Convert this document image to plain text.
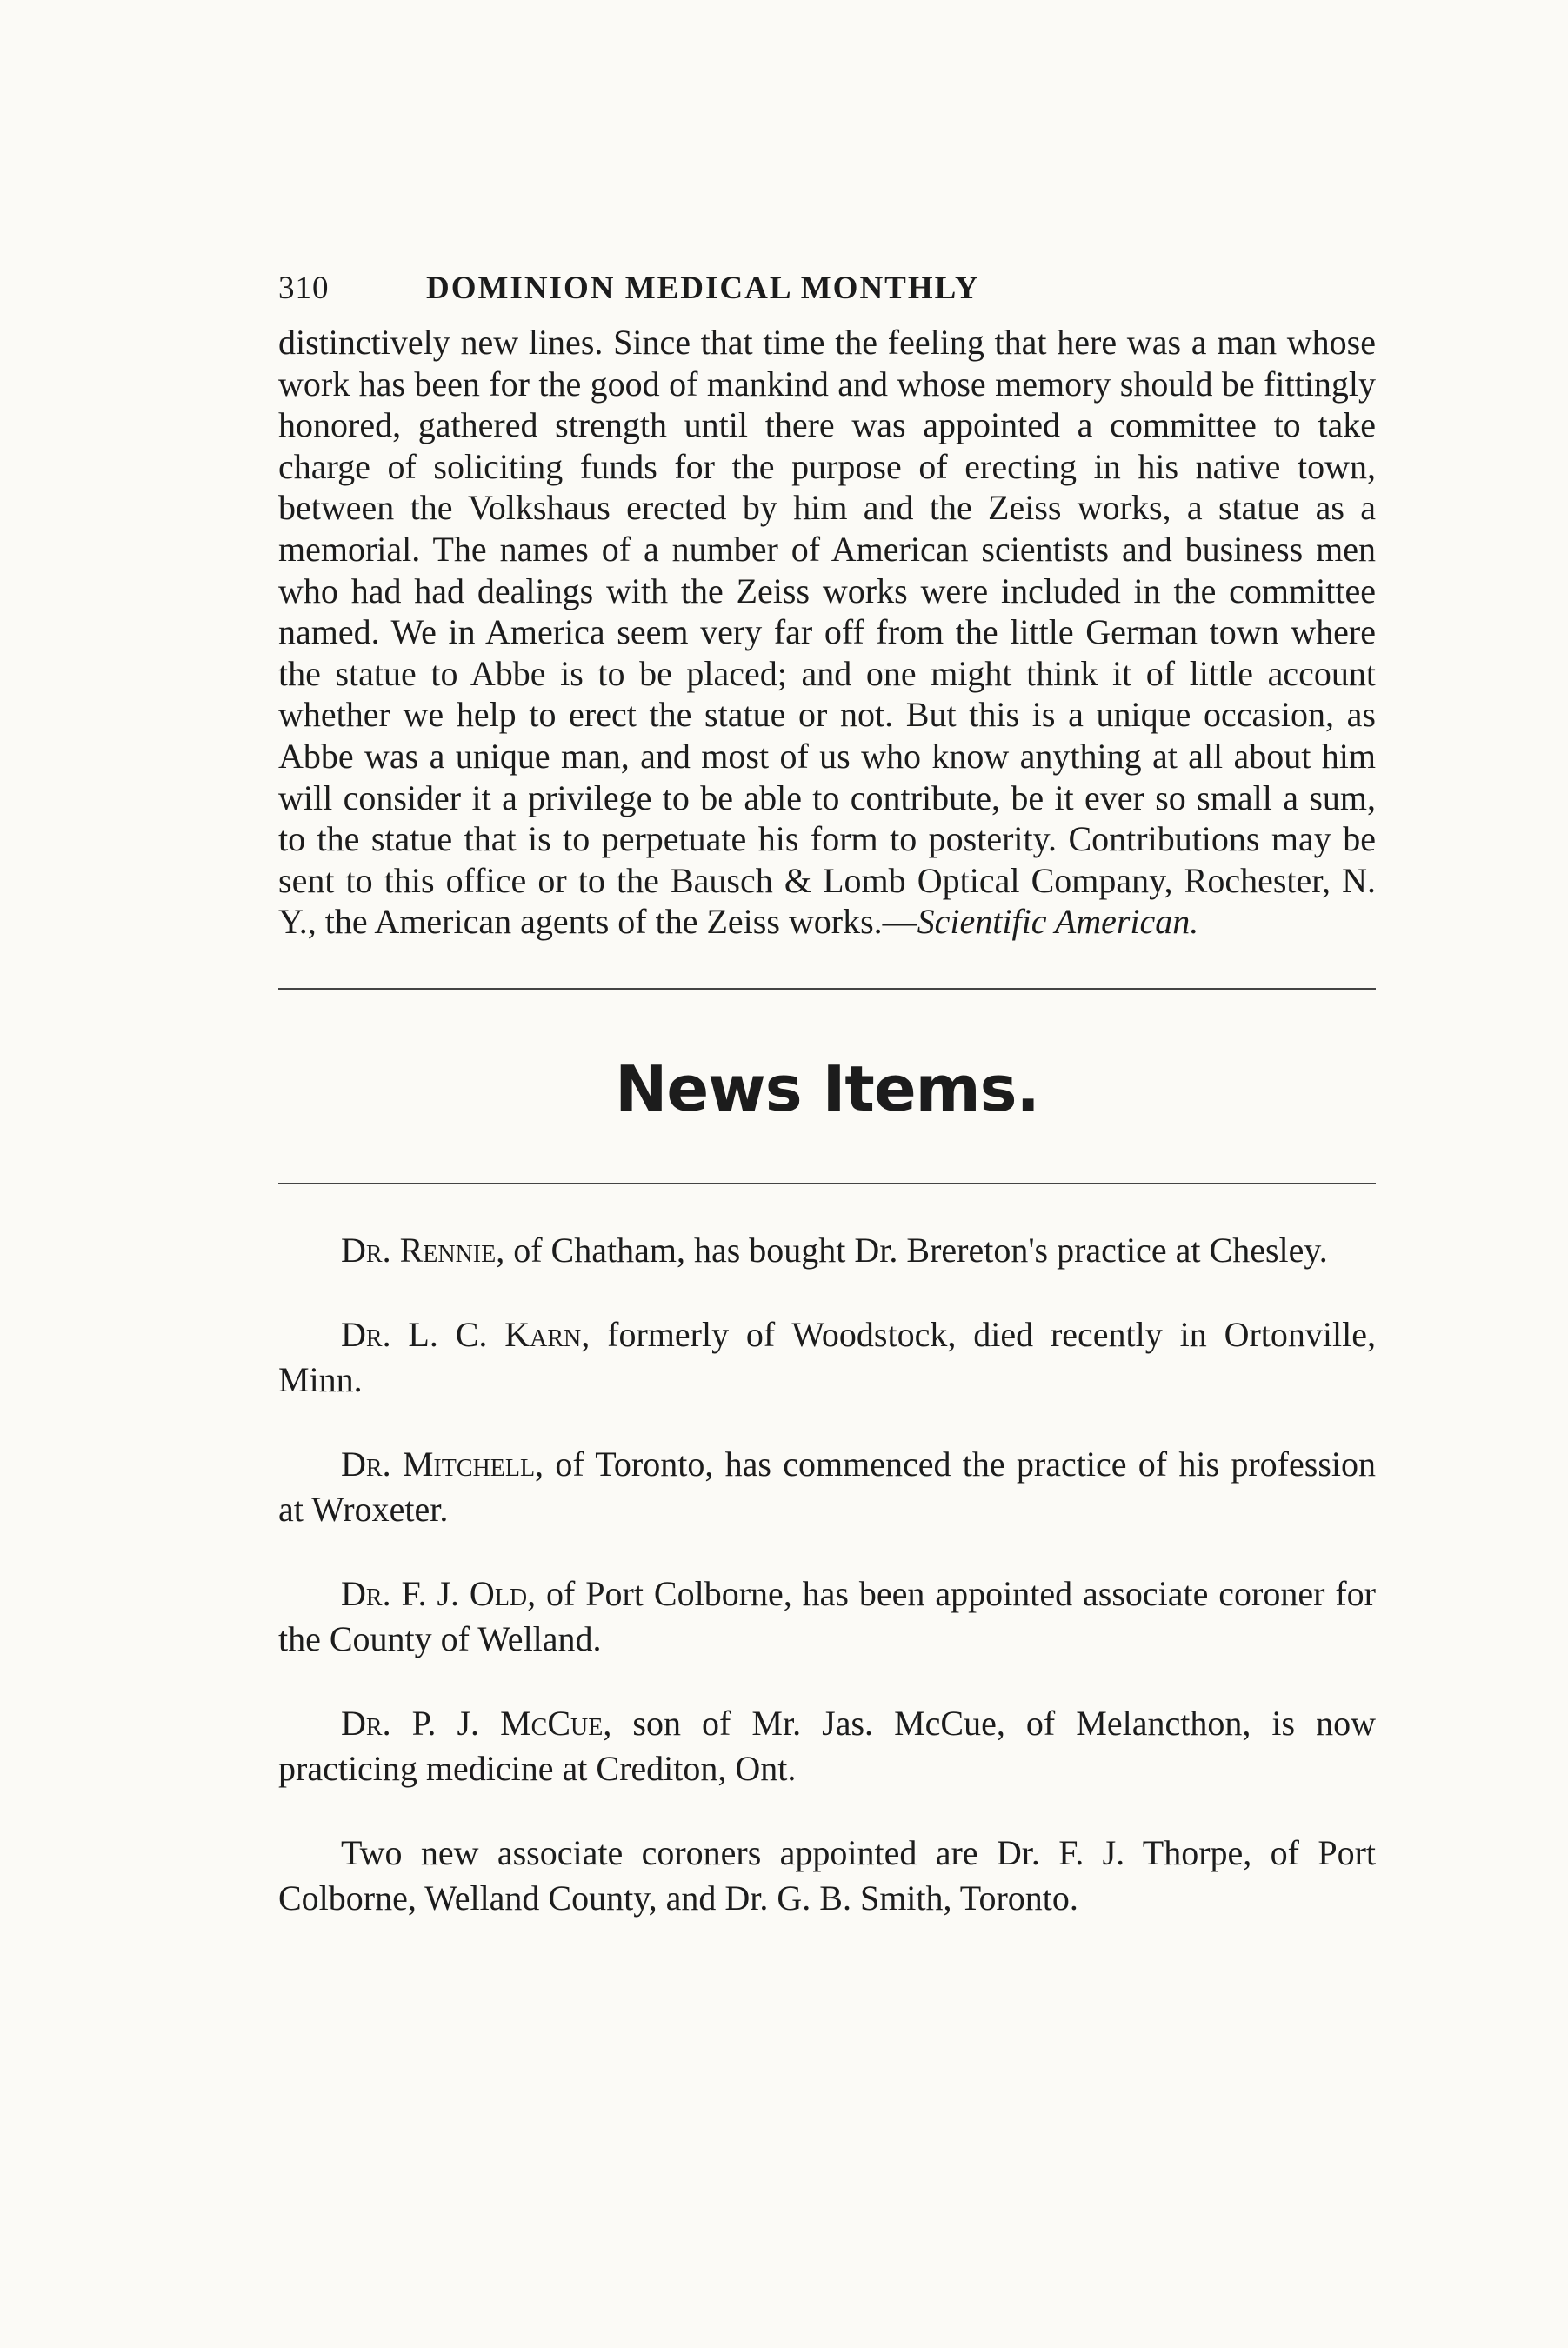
310	DOMINION MEDICAL MONTHLY

distinctively new lines. Since that time the feeling that here was a man whose work has been for the good of mankind and whose memory should be fittingly honored, gathered strength until there was appointed a committee to take charge of soliciting funds for the purpose of erecting in his native town, between the Volkshaus erected by him and the Zeiss works, a statue as a memorial. The names of a number of American scientists and business men who had had dealings with the Zeiss works were included in the committee named. We in America seem very far off from the little German town where the statue to Abbe is to be placed; and one might think it of little account whether we help to erect the statue or not. But this is a unique occasion, as Abbe was a unique man, and most of us who know anything at all about him will consider it a privilege to be able to contribute, be it ever so small a sum, to the statue that is to perpetuate his form to posterity. Contributions may be sent to this office or to the Bausch & Lomb Optical Company, Rochester, N. Y., the American agents of the Zeiss works.—Scientific American.

News Items.

Dr. Rennie, of Chatham, has bought Dr. Brereton's practice at Chesley.

Dr. L. C. Karn, formerly of Woodstock, died recently in Ortonville, Minn.

Dr. Mitchell, of Toronto, has commenced the practice of his profession at Wroxeter.

Dr. F. J. Old, of Port Colborne, has been appointed associate coroner for the County of Welland.

Dr. P. J. McCue, son of Mr. Jas. McCue, of Melancthon, is now practicing medicine at Crediton, Ont.

Two new associate coroners appointed are Dr. F. J. Thorpe, of Port Colborne, Welland County, and Dr. G. B. Smith, Toronto.
